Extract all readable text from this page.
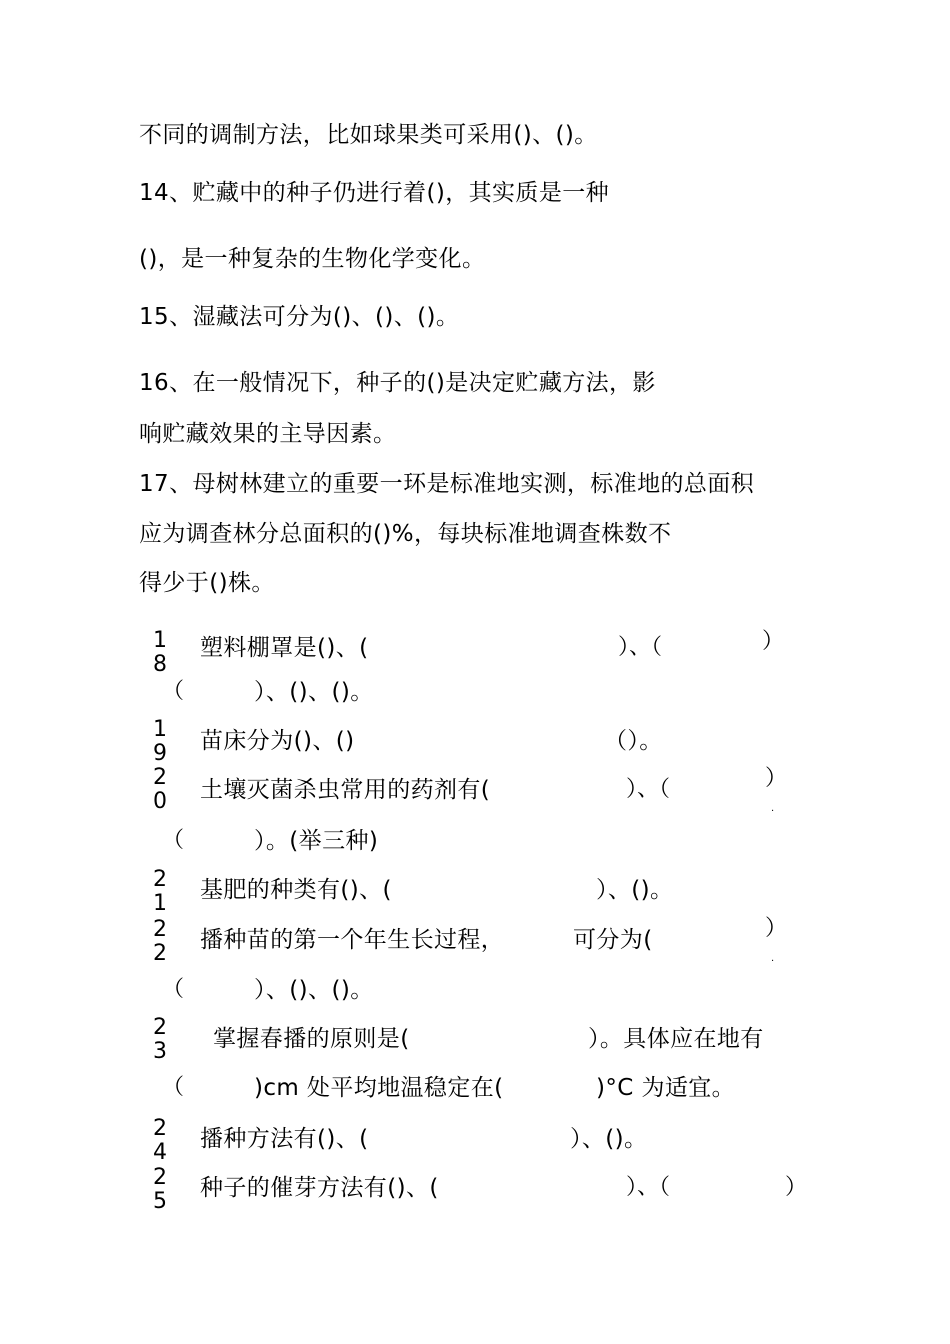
不同的调制方法，比如球果类可采用()、()。

14、贮藏中的种子仍进行着()，其实质是一种

()，是一种复杂的生物化学变化。

15、湿藏法可分为()、()、()。

16、在一般情况下，种子的()是决定贮藏方法，影

响贮藏效果的主导因素。

17、母树林建立的重要一环是标准地实测，标准地的总面积

应为调查林分总面积的()%，每块标准地调查株数不

得少于()株。

18

塑料棚罩是()、(	）、（	）
（	）、()、()。
19 苗床分为()、()	（）。
20 土壤灭菌杀虫常用的药剂有(	）、（	）
·
（	）。(举三种)
21

基肥的种类有()、(	）、()。
22

播种苗的第一个年生长过程，	可分为(	）
·
（	）、()、()。
23 掌握春播的原则是(	）。具体应在地有
（	)cm 处平均地温稳定在(	)°C 为适宜。
24

播种方法有()、(	）、()。
25

种子的催芽方法有()、(	）、（	）
